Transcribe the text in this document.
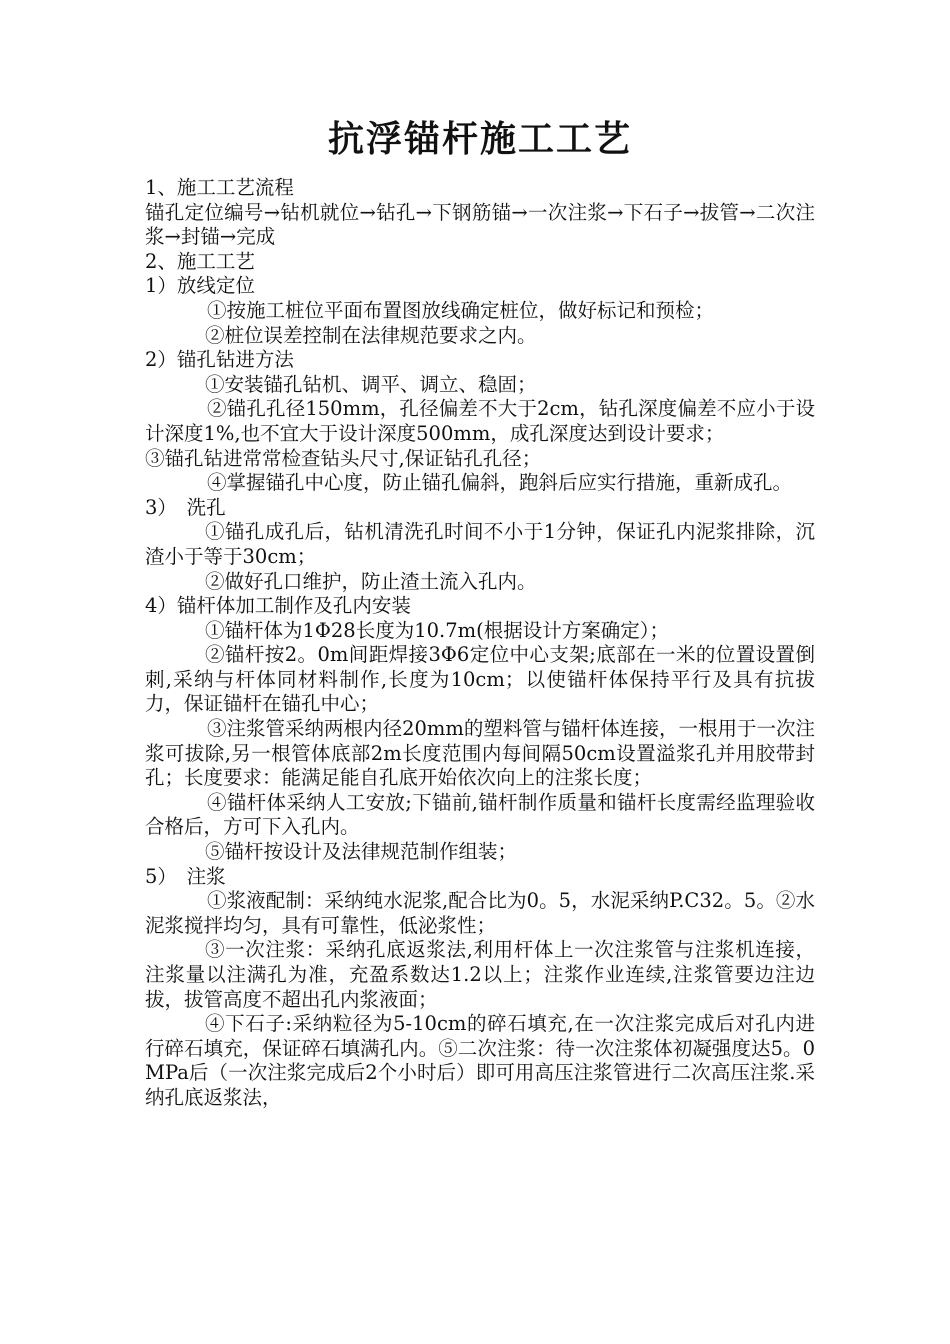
抗浮锚杆施工工艺

1、施工工艺流程

锚孔定位编号→钻机就位→钻孔→下钢筋锚→一次注浆→下石子→拔管→二次注浆→封锚→完成

2、施工工艺

1）放线定位

①按施工桩位平面布置图放线确定桩位，做好标记和预检；

②桩位误差控制在法律规范要求之内。

2）锚孔钻进方法

①安装锚孔钻机、调平、调立、稳固；

②锚孔孔径150mm，孔径偏差不大于2cm，钻孔深度偏差不应小于设计深度1%,也不宜大于设计深度500mm，成孔深度达到设计要求；

③锚孔钻进常常检查钻头尺寸,保证钻孔孔径；

④掌握锚孔中心度，防止锚孔偏斜，跑斜后应实行措施，重新成孔。

3）　洗孔

①锚孔成孔后，钻机清洗孔时间不小于1分钟，保证孔内泥浆排除，沉渣小于等于30cm；

②做好孔口维护，防止渣土流入孔内。

4）锚杆体加工制作及孔内安装

①锚杆体为1Φ28长度为10.7m(根据设计方案确定）；

②锚杆按2。0m间距焊接3Φ6定位中心支架;底部在一米的位置设置倒刺,采纳与杆体同材料制作,长度为10cm；以使锚杆体保持平行及具有抗拔力，保证锚杆在锚孔中心；

③注浆管采纳两根内径20mm的塑料管与锚杆体连接，一根用于一次注浆可拔除,另一根管体底部2m长度范围内每间隔50cm设置溢浆孔并用胶带封孔；长度要求：能满足能自孔底开始依次向上的注浆长度；

④锚杆体采纳人工安放;下锚前,锚杆制作质量和锚杆长度需经监理验收合格后，方可下入孔内。

⑤锚杆按设计及法律规范制作组装；

5）　注浆

①浆液配制：采纳纯水泥浆,配合比为0。5，水泥采纳P.C32。5。②水泥浆搅拌均匀，具有可靠性，低泌浆性；

③一次注浆：采纳孔底返浆法,利用杆体上一次注浆管与注浆机连接，注浆量以注满孔为准，充盈系数达1.2以上；注浆作业连续,注浆管要边注边拔，拔管高度不超出孔内浆液面；

④下石子:采纳粒径为5-10cm的碎石填充,在一次注浆完成后对孔内进行碎石填充，保证碎石填满孔内。⑤二次注浆：待一次注浆体初凝强度达5。0MPa后（一次注浆完成后2个小时后）即可用高压注浆管进行二次高压注浆.采纳孔底返浆法，
